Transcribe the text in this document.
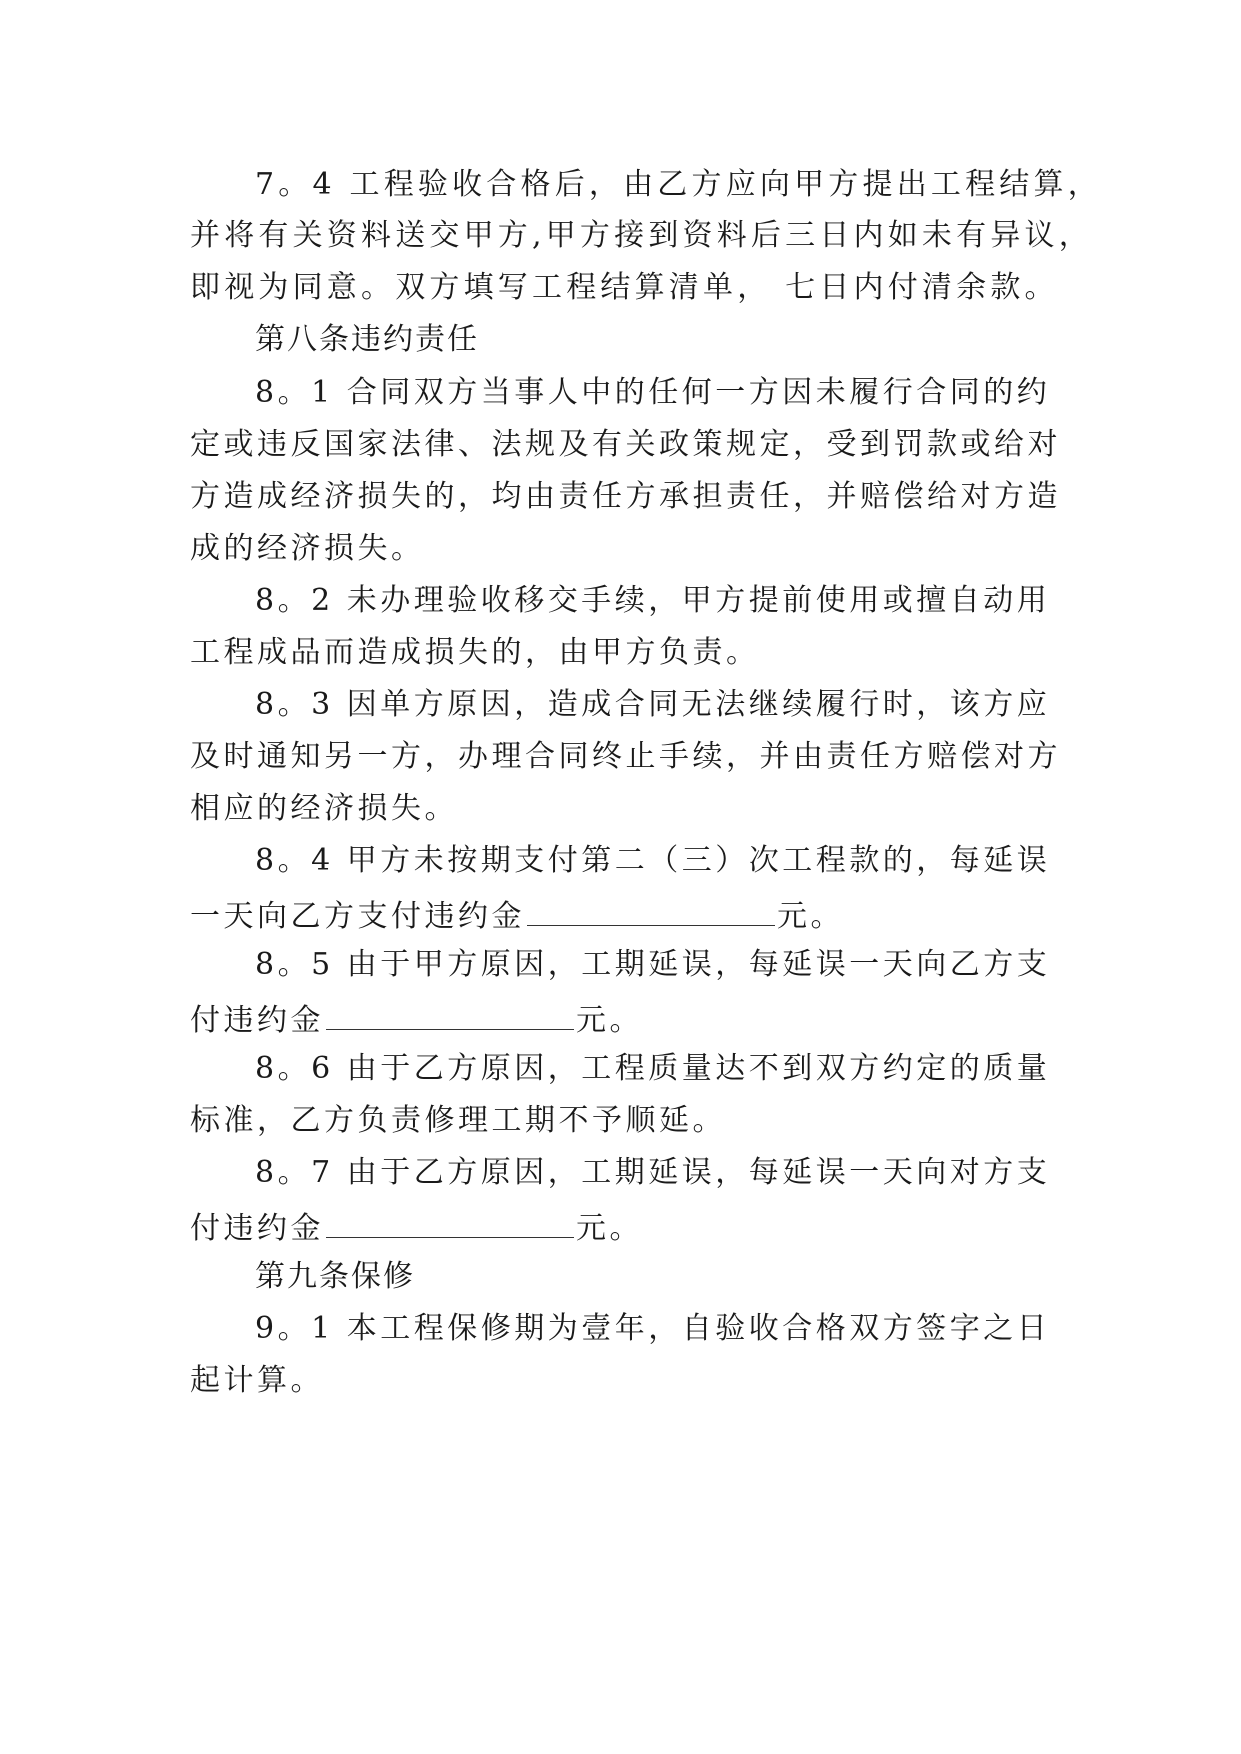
7。4 工程验收合格后，由乙方应向甲方提出工程结算，

并将有关资料送交甲方,甲方接到资料后三日内如未有异议，

即视为同意。双方填写工程结算清单， 七日内付清余款。

第八条违约责任

8。1 合同双方当事人中的任何一方因未履行合同的约

定或违反国家法律、法规及有关政策规定，受到罚款或给对

方造成经济损失的，均由责任方承担责任，并赔偿给对方造

成的经济损失。

8。2 未办理验收移交手续，甲方提前使用或擅自动用

工程成品而造成损失的，由甲方负责。

8。3 因单方原因，造成合同无法继续履行时，该方应

及时通知另一方，办理合同终止手续，并由责任方赔偿对方

相应的经济损失。

8。4 甲方未按期支付第二（三）次工程款的，每延误

一天向乙方支付违约金	元。

8。5 由于甲方原因，工期延误，每延误一天向乙方支

付违约金	元。

8。6 由于乙方原因，工程质量达不到双方约定的质量

标准，乙方负责修理工期不予顺延。

8。7 由于乙方原因，工期延误，每延误一天向对方支

付违约金	元。

第九条保修

9。1 本工程保修期为壹年，自验收合格双方签字之日

起计算。
